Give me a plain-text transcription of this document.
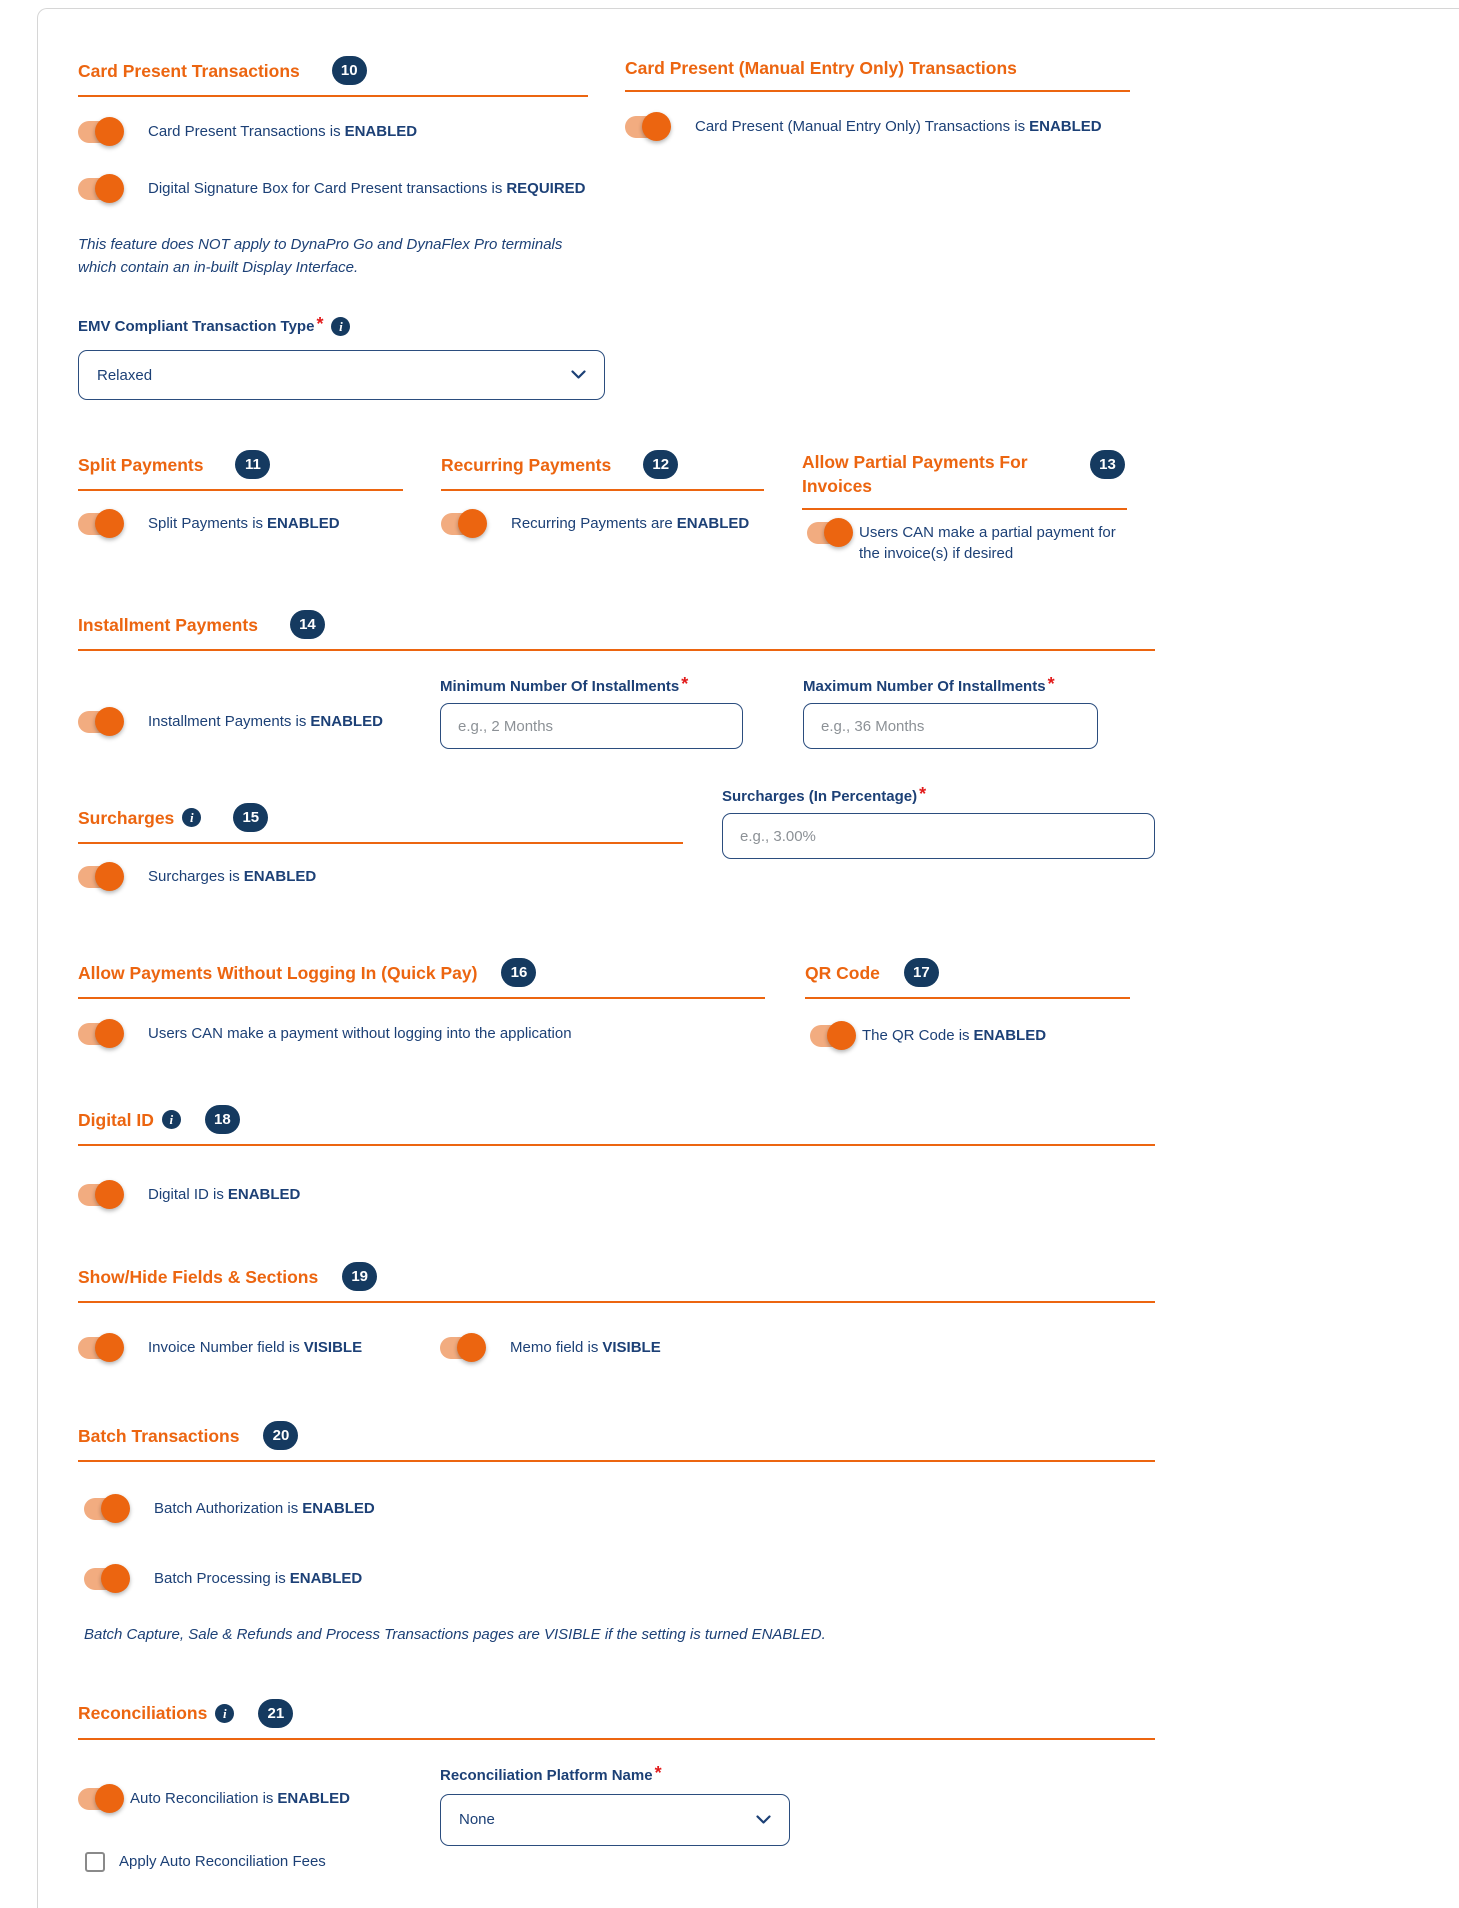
Card Present Transactions	10
Card Present Transactions is ENABLED
Digital Signature Box for Card Present transactions is REQUIRED
This feature does NOT apply to DynaPro Go and DynaFlex Pro terminals which contain an in-built Display Interface.
EMV Compliant Transaction Type *
i
Relaxed
Card Present (Manual Entry Only) Transactions
Card Present (Manual Entry Only) Transactions is ENABLED
Split Payments	11
Split Payments is ENABLED
Recurring Payments	12
Recurring Payments are ENABLED
Allow Partial Payments For Invoices
13
Users CAN make a partial payment for the invoice(s) if desired
Installment Payments	14
Installment Payments is ENABLED
Minimum Number Of Installments *
e.g., 2 Months	Maximum Number Of Installments *
e.g., 36 Months
Surcharges i	15
Surcharges is ENABLED
Surcharges (In Percentage) *
e.g., 3.00%
Allow Payments Without Logging In (Quick Pay)	16
Users CAN make a payment without logging into the application
QR Code	17
The QR Code is ENABLED
Digital ID i	18
Digital ID is ENABLED
Show/Hide Fields & Sections	19
Invoice Number field is VISIBLE	Memo field is VISIBLE
Batch Transactions	20
Batch Authorization is ENABLED
Batch Processing is ENABLED
Batch Capture, Sale & Refunds and Process Transactions pages are VISIBLE if the setting is turned ENABLED.
Reconciliations i	21
Auto Reconciliation is ENABLED
Apply Auto Reconciliation Fees
Reconciliation Platform Name *
None
